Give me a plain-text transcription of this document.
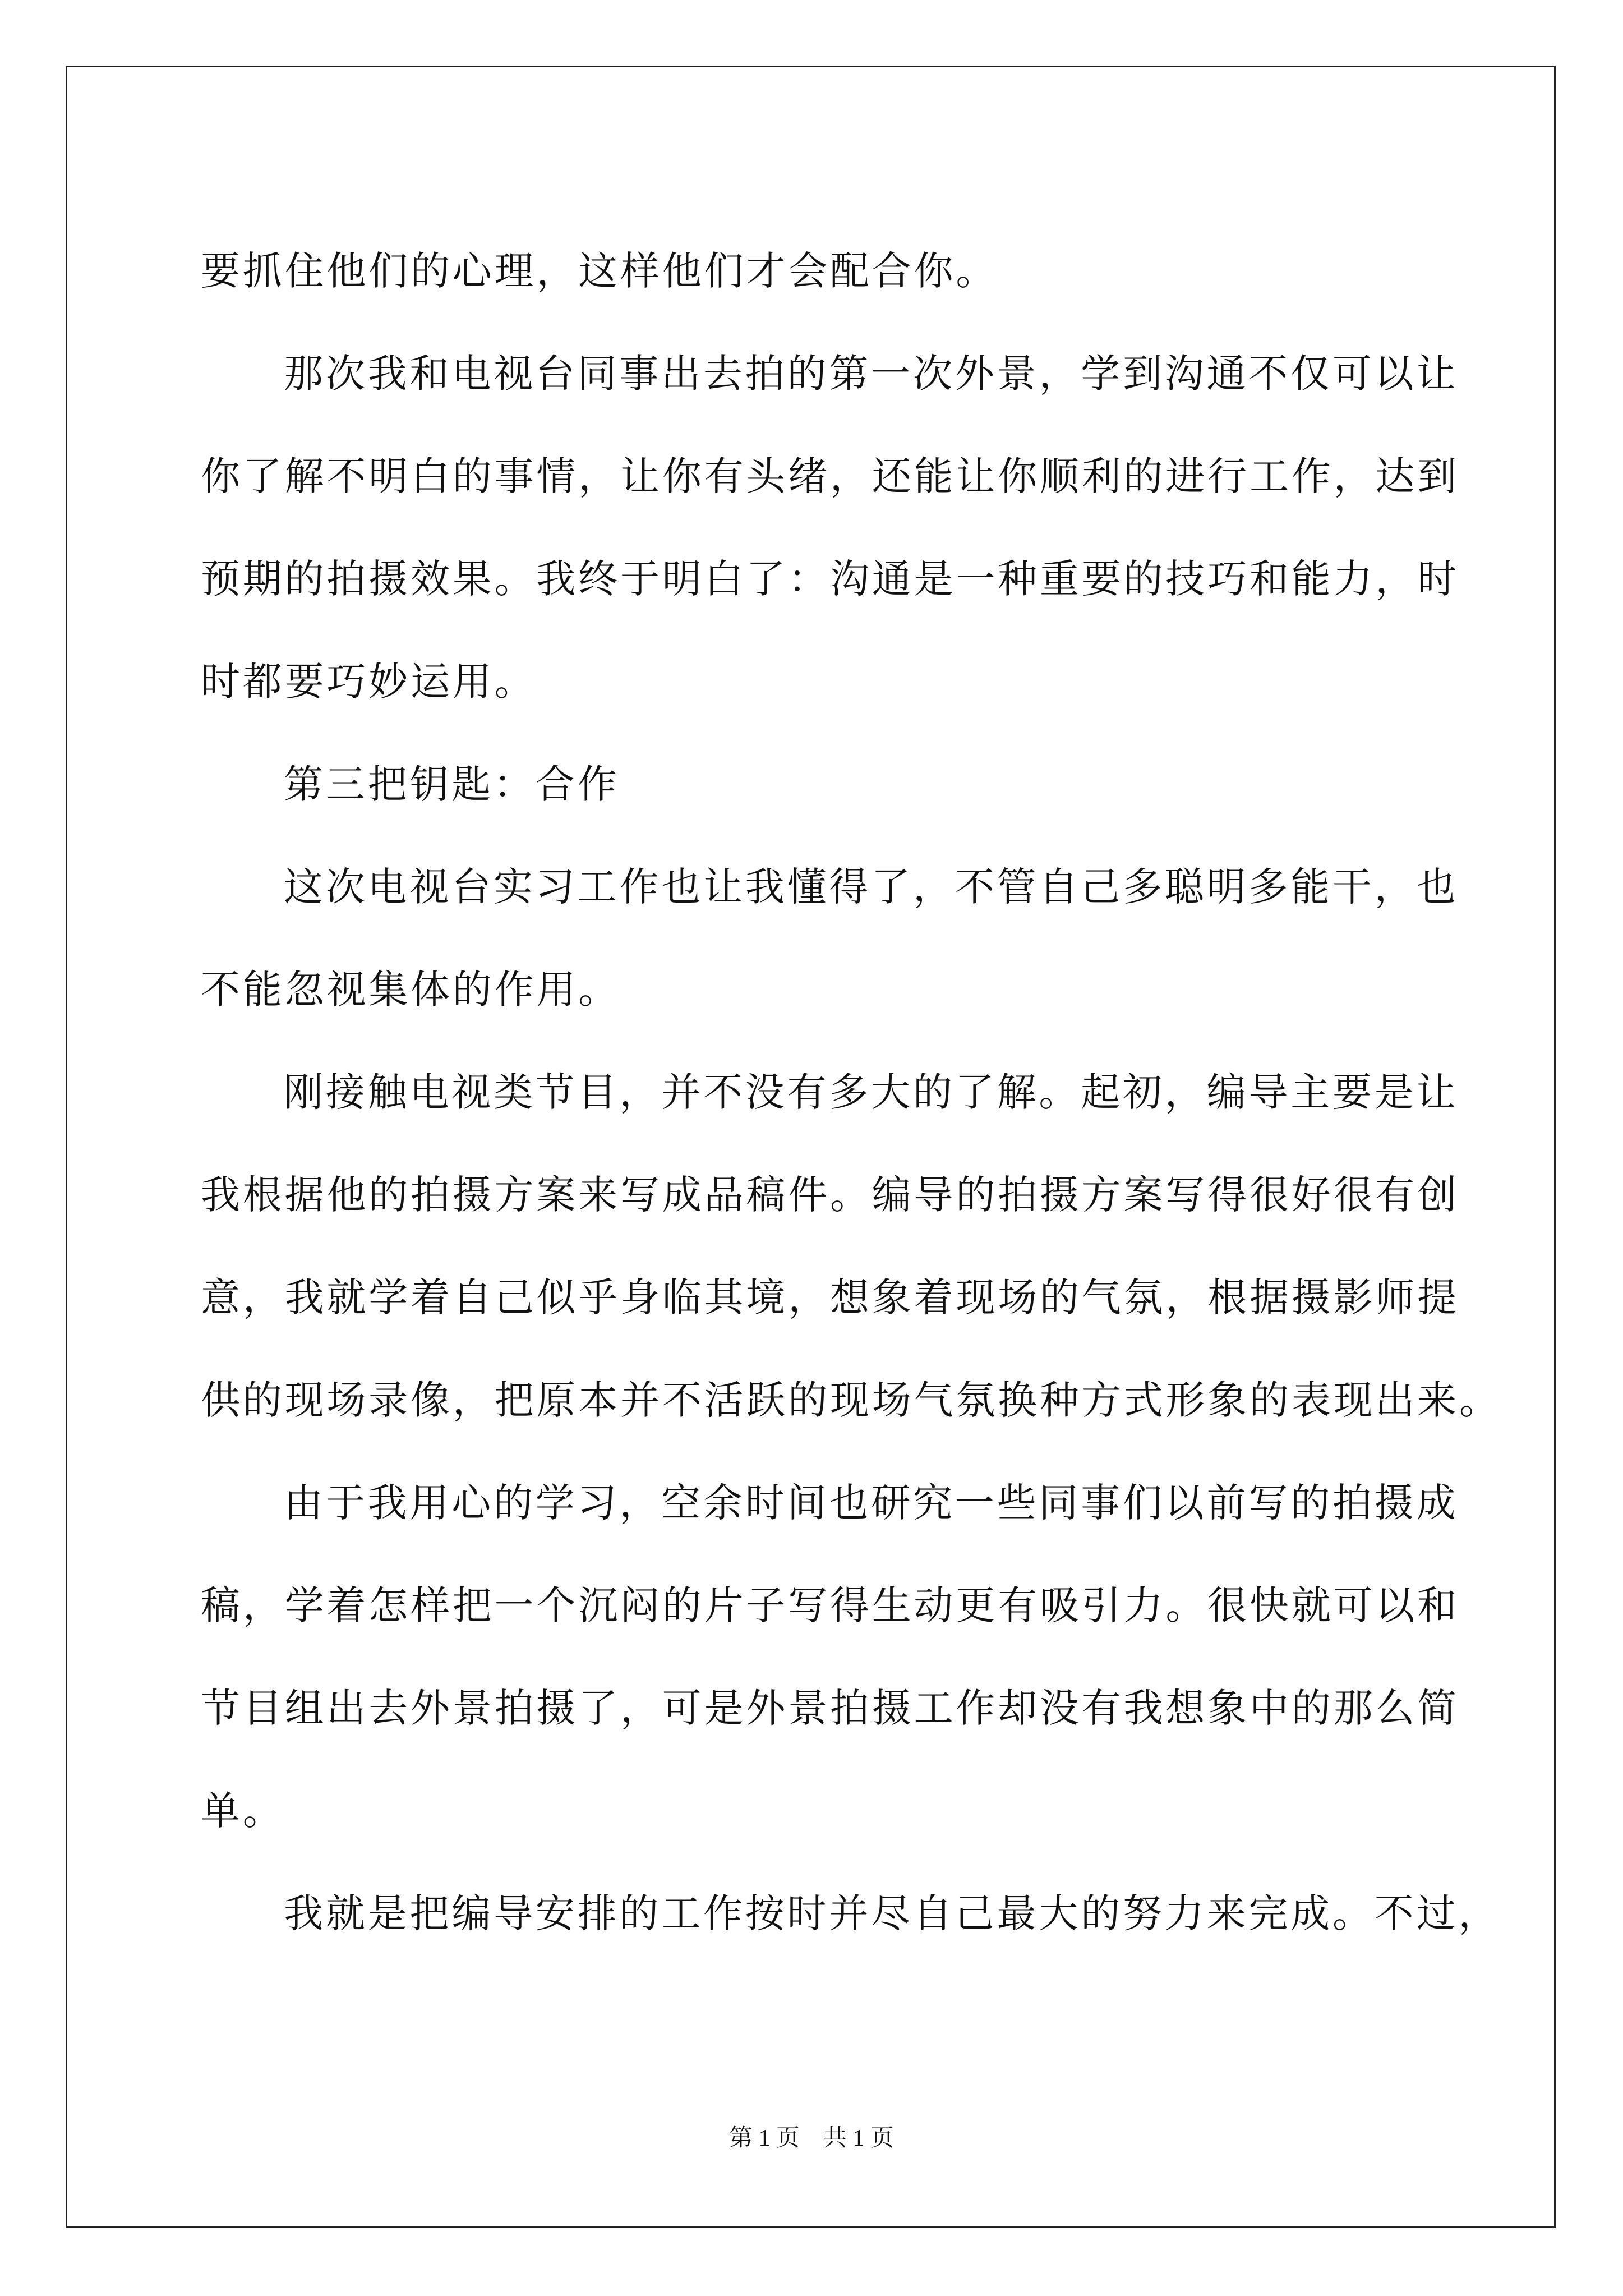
要抓住他们的心理，这样他们才会配合你。

那次我和电视台同事出去拍的第一次外景，学到沟通不仅可以让

你了解不明白的事情，让你有头绪，还能让你顺利的进行工作，达到

预期的拍摄效果。我终于明白了：沟通是一种重要的技巧和能力，时

时都要巧妙运用。

第三把钥匙：合作

这次电视台实习工作也让我懂得了，不管自己多聪明多能干，也

不能忽视集体的作用。

刚接触电视类节目，并不没有多大的了解。起初，编导主要是让

我根据他的拍摄方案来写成品稿件。编导的拍摄方案写得很好很有创

意，我就学着自己似乎身临其境，想象着现场的气氛，根据摄影师提

供的现场录像，把原本并不活跃的现场气氛换种方式形象的表现出来。

由于我用心的学习，空余时间也研究一些同事们以前写的拍摄成

稿，学着怎样把一个沉闷的片子写得生动更有吸引力。很快就可以和

节目组出去外景拍摄了，可是外景拍摄工作却没有我想象中的那么简

单。

我就是把编导安排的工作按时并尽自己最大的努力来完成。不过，

第 1 页　共 1 页
